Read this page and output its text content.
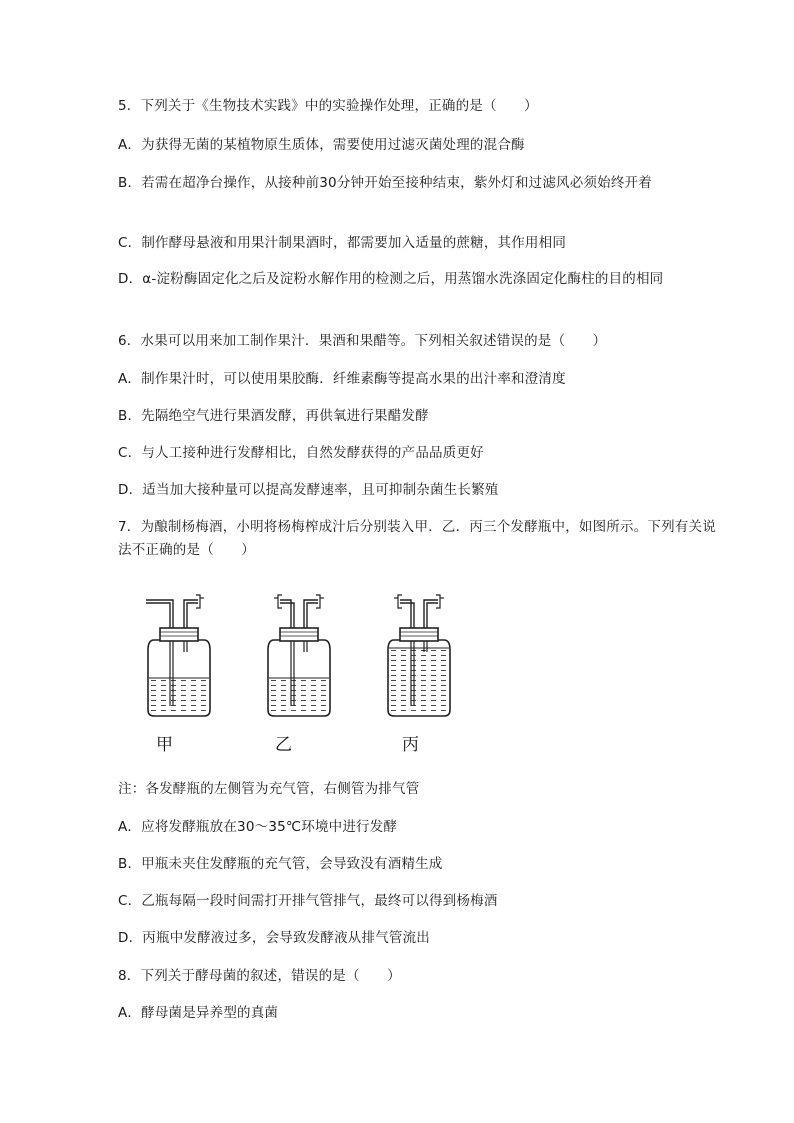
5．下列关于《生物技术实践》中的实验操作处理，正确的是（　　）
A．为获得无菌的某植物原生质体，需要使用过滤灭菌处理的混合酶
B．若需在超净台操作，从接种前30分钟开始至接种结束，紫外灯和过滤风必须始终开着
C．制作酵母悬液和用果汁制果酒时，都需要加入适量的蔗糖，其作用相同
D．α-淀粉酶固定化之后及淀粉水解作用的检测之后，用蒸馏水洗涤固定化酶柱的目的相同
6．水果可以用来加工制作果汁．果酒和果醋等。下列相关叙述错误的是（　　）
A．制作果汁时，可以使用果胶酶．纤维素酶等提高水果的出汁率和澄清度
B．先隔绝空气进行果酒发酵，再供氧进行果醋发酵
C．与人工接种进行发酵相比，自然发酵获得的产品品质更好
D．适当加大接种量可以提高发酵速率，且可抑制杂菌生长繁殖
7．为酿制杨梅酒，小明将杨梅榨成汁后分别装入甲．乙．丙三个发酵瓶中，如图所示。下列有关说法不正确的是（　　）
甲	乙	丙
注：各发酵瓶的左侧管为充气管，右侧管为排气管
A．应将发酵瓶放在30～35℃环境中进行发酵
B．甲瓶未夹住发酵瓶的充气管，会导致没有酒精生成
C．乙瓶每隔一段时间需打开排气管排气，最终可以得到杨梅酒
D．丙瓶中发酵液过多，会导致发酵液从排气管流出
8．下列关于酵母菌的叙述，错误的是（　　）
A．酵母菌是异养型的真菌
